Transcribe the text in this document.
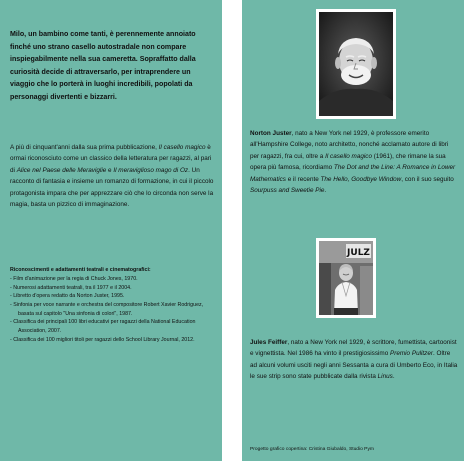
Milo, un bambino come tanti, è perennemente annoiato finché uno strano casello autostradale non compare inspiegabilmente nella sua cameretta. Sopraffatto dalla curiosità decide di attraversarlo, per intraprendere un viaggio che lo porterà in luoghi incredibili, popolati da personaggi divertenti e bizzarri.

A più di cinquant'anni dalla sua prima pubblicazione, Il casello magico è ormai riconosciuto come un classico della letteratura per ragazzi, al pari di Alice nel Paese delle Meraviglie e Il meraviglioso mago di Oz. Un racconto di fantasia e insieme un romanzo di formazione, in cui il piccolo protagonista impara che per apprezzare ciò che lo circonda non serve la magia, basta un pizzico di immaginazione.

Riconoscimenti e adattamenti teatrali e cinematografici:
- Film d'animazione per la regia di Chuck Jones, 1970.
- Numerosi adattamenti teatrali, tra il 1977 e il 2004.
- Libretto d'opera redatto da Norton Juster, 1995.
- Sinfonia per voce narrante e orchestra del compositore Robert Xavier Rodriguez, basata sul capitolo "Una sinfonia di colori", 1987.
- Classifica dei principali 100 libri educativi per ragazzi della National Education Association, 2007.
- Classifica dei 100 migliori titoli per ragazzi dello School Library Journal, 2012.

Norton Juster, nato a New York nel 1929, è professore emerito all'Hampshire College, noto architetto, nonché acclamato autore di libri per ragazzi, fra cui, oltre a Il casello magico (1961), che rimane la sua opera più famosa, ricordiamo The Dot and the Line: A Romance in Lower Mathematics e il recente The Hello, Goodbye Window, con il suo seguito Sourpuss and Sweetie Pie.

Jules Feiffer, nato a New York nel 1929, è scrittore, fumettista, cartoonist e vignettista. Nel 1986 ha vinto il prestigiosissimo Premio Pulitzer. Oltre ad alcuni volumi usciti negli anni Sessanta a cura di Umberto Eco, in Italia le sue strip sono state pubblicate dalla rivista Linus.

Progetto grafico copertina: Cristina Giubaldo, Studio Pym
JULZ
